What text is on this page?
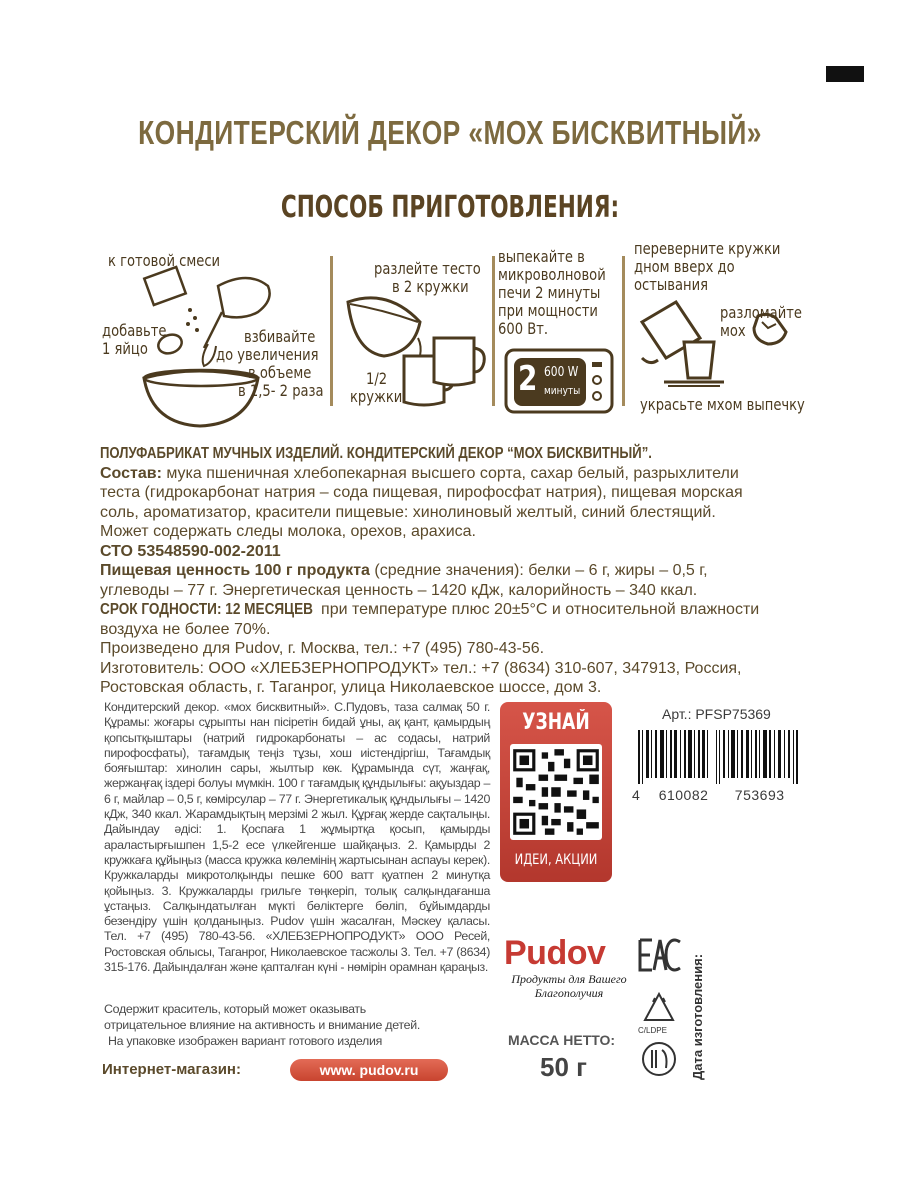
КОНДИТЕРСКИЙ ДЕКОР «МОХ БИСКВИТНЫЙ»
СПОСОБ ПРИГОТОВЛЕНИЯ:
к готовой смеси
добавьте
1 яйцо
взбивайте
до увеличения
в объеме
в 1,5- 2 раза
разлейте тесто
в 2 кружки
1/2
кружки
выпекайте в
микроволновой
печи 2 минуты
при мощности
600 Вт.
2 600 W
минуты
переверните кружки
дном вверх до
остывания
разломайте
мох
украсьте мхом выпечку
ПОЛУФАБРИКАТ МУЧНЫХ ИЗДЕЛИЙ. КОНДИТЕРСКИЙ ДЕКОР “МОХ БИСКВИТНЫЙ”.
Состав: мука пшеничная хлебопекарная высшего сорта, сахар белый, разрыхлители
теста (гидрокарбонат натрия – сода пищевая, пирофосфат натрия), пищевая морская
соль, ароматизатор, красители пищевые: хинолиновый желтый, синий блестящий.
Может содержать следы молока, орехов, арахиса.
СТО 53548590-002-2011
Пищевая ценность 100 г продукта (средние значения): белки – 6 г, жиры – 0,5 г,
углеводы – 77 г. Энергетическая ценность – 1420 кДж, калорийность – 340 ккал.
СРОК ГОДНОСТИ: 12 МЕСЯЦЕВ при температуре плюс 20±5°С и относительной влажности
воздуха не более 70%.
Произведено для Pudov, г. Москва, тел.: +7 (495) 780-43-56.
Изготовитель: ООО «ХЛЕБЗЕРНОПРОДУКТ» тел.: +7 (8634) 310-607, 347913, Россия,
Ростовская область, г. Таганрог, улица Николаевское шоссе, дом 3.
Кондитерский декор. «мох бисквитный». С.Пудовъ, таза салмақ 50 г. Құрамы: жоғары сұрыпты нан пісіретін бидай ұны, ақ қант, қамырдың қопсытқыштары (натрий гидрокарбонаты – ас содасы, натрий пирофосфаты), тағамдық теңіз тұзы, хош иістендіргіш, Тағамдық бояғыштар: хинолин сары, жылтыр көк. Құрамында сүт, жаңғақ, жержаңғақ іздері болуы мүмкін. 100 г тағамдық құндылығы: ақуыздар – 6 г, майлар – 0,5 г, көмірсулар – 77 г. Энергетикалық құндылығы – 1420 кДж, 340 ккал. Жарамдықтың мерзімі 2 жыл. Құрғақ жерде сақталыңы. Дайындау әдісі: 1. Қоспаға 1 жұмыртқа қосып, қамырды араластырғышпен 1,5-2 есе үлкейгенше шайқаңыз. 2. Қамырды 2 кружкаға құйыңыз (масса кружка көлемінің жартысынан аспауы керек). Кружкаларды микротолқынды пешке 600 ватт қуатпен 2 минутқа қойыңыз. 3. Кружкаларды грильге төңкеріп, толық салқындағанша ұстаңыз. Салқындатылған мүкті бөліктерге бөліп, бұйымдарды безендіру үшін қолданыңыз. Pudov үшін жасалған, Мәскеу қаласы. Тел. +7 (495) 780-43-56. «ХЛЕБЗЕРНОПРОДУКТ» ООО Ресей, Ростовская облысы, Таганрог, Николаевское тасжолы 3. Тел. +7 (8634) 315-176. Дайындалған және қапталған күні - нөмірін орамнан қараңыз.
Содержит краситель, который может оказывать
отрицательное влияние на активность и внимание детей.
На упаковке изображен вариант готового изделия
Интернет-магазин:	www. pudov.ru
УЗНАЙ
ИДЕИ, АКЦИИ
Арт.: PFSP75369
4 610082 753693
Pudov
Продукты для Вашего
Благополучия
C/LDPE
МАССА НЕТТО:
50 г	Дата изготовления:
